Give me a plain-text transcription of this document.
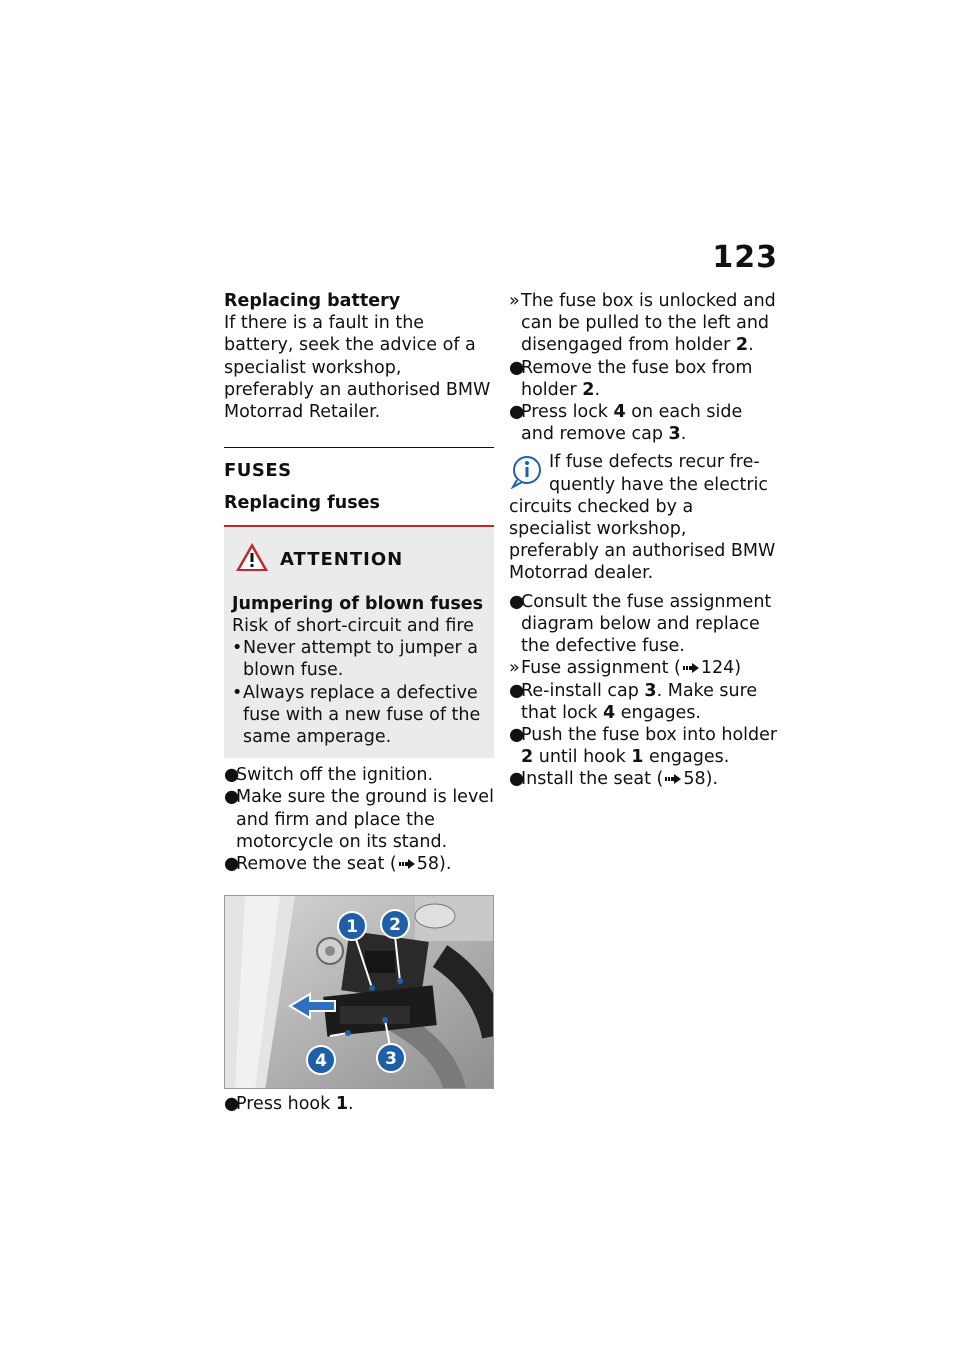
123
Replacing battery
If there is a fault in the battery, seek the advice of a specialist workshop, preferably an authorised BMW Motorrad Retailer.
FUSES
Replacing fuses
ATTENTION
Jumpering of blown fuses
Risk of short-circuit and fire
• Never attempt to jumper a blown fuse.
• Always replace a defective fuse with a new fuse of the same amperage.
●
Switch off the ignition.
●
Make sure the ground is level and firm and place the motorcycle on its stand.
●
Remove the seat ( 58).
1 2
3
4
●
Press hook 1.
» The fuse box is unlocked and can be pulled to the left and disengaged from holder 2.
●
Remove the fuse box from holder 2.
●
Press lock 4 on each side and remove cap 3.
If fuse defects recur fre-
quently have the electric
circuits checked by a specialist workshop, preferably an authorised BMW Motorrad dealer.
●
Consult the fuse assignment diagram below and replace the defective fuse.
» Fuse assignment ( 124)
●
Re-install cap 3. Make sure that lock 4 engages.
●
Push the fuse box into holder 2 until hook 1 engages.
●
Install the seat ( 58).
